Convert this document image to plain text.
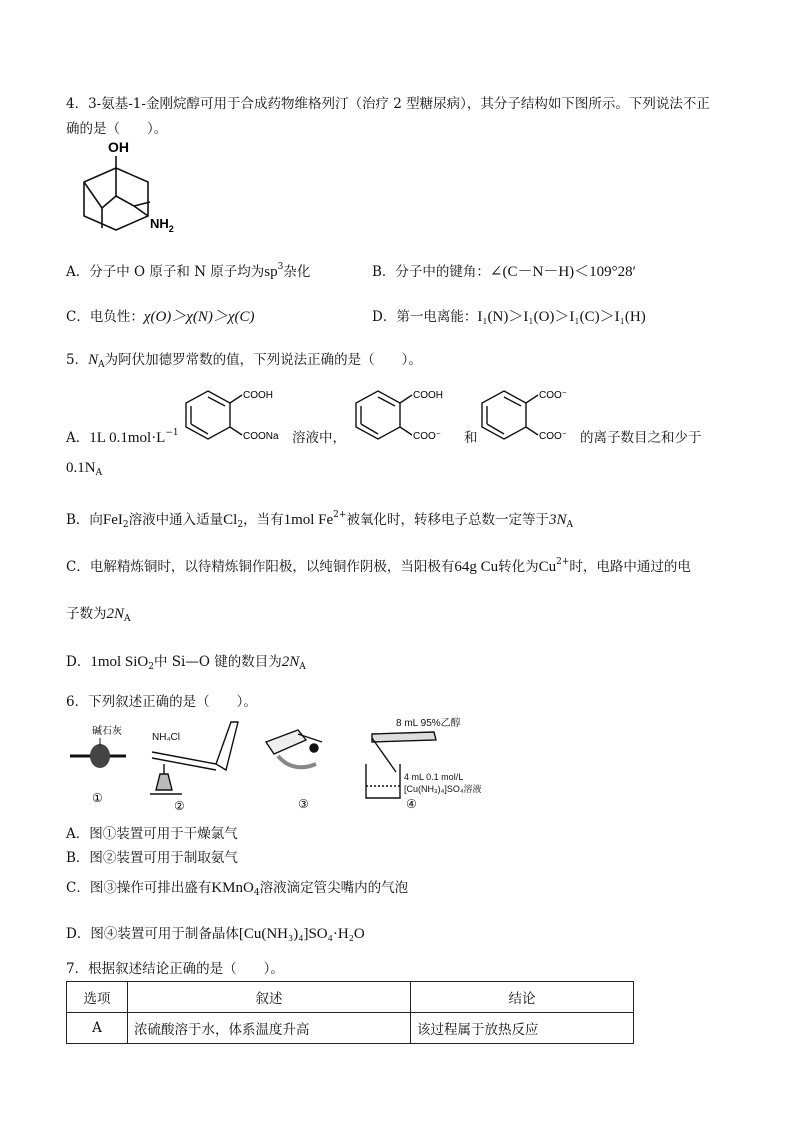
4．3-氨基-1-金刚烷醇可用于合成药物维格列汀（治疗 2 型糖尿病），其分子结构如下图所示。下列说法不正
确的是（　　）。
OH
$NH_2$
A．分子中 O 原子和 N 原子均为$sp^3$杂化	B．分子中的键角：∠(C－N－H)＜109°28′
C．电负性：χ(O)＞χ(N)＞χ(C)	D．第一电离能：I₁(N)＞I₁(O)＞I₁(C)＞I₁(H)
5．$N_A$为阿伏加德罗常数的值，下列说法正确的是（　　）。
A．1L $0.1mol\cdot L^{-1}$
COOH
COONa 溶液中，
COOH
COO⁻ 和
COO⁻
COO⁻ 的离子数目之和少于
$0.1N_A$
B．向FeI$_2$溶液中通入适量$Cl_2$，当有1mol $Fe^{2+}$被氧化时，转移电子总数一定等于$3N_A$
C．电解精炼铜时，以待精炼铜作阳极，以纯铜作阴极，当阳极有64g Cu转化为$Cu^{2+}$时，电路中通过的电
子数为$2N_A$
D．1mol SiO$_2$中 Si—O 键的数目为$2N_A$
6．下列叙述正确的是（　　）。
碱石灰
①
NH₄Cl
②	③
8 mL 95%乙醇
4 mL 0.1 mol/L
[Cu(NH₃)₄]SO₄溶液
④
A．图①装置可用于干燥氯气
B．图②装置可用于制取氨气
C．图③操作可排出盛有KMnO$_4$溶液滴定管尖嘴内的气泡
D．图④装置可用于制备晶体[Cu(NH₃)₄]SO₄·H₂O
7．根据叙述结论正确的是（　　）。
选项	叙述	结论
A	浓硫酸溶于水，体系温度升高	该过程属于放热反应
